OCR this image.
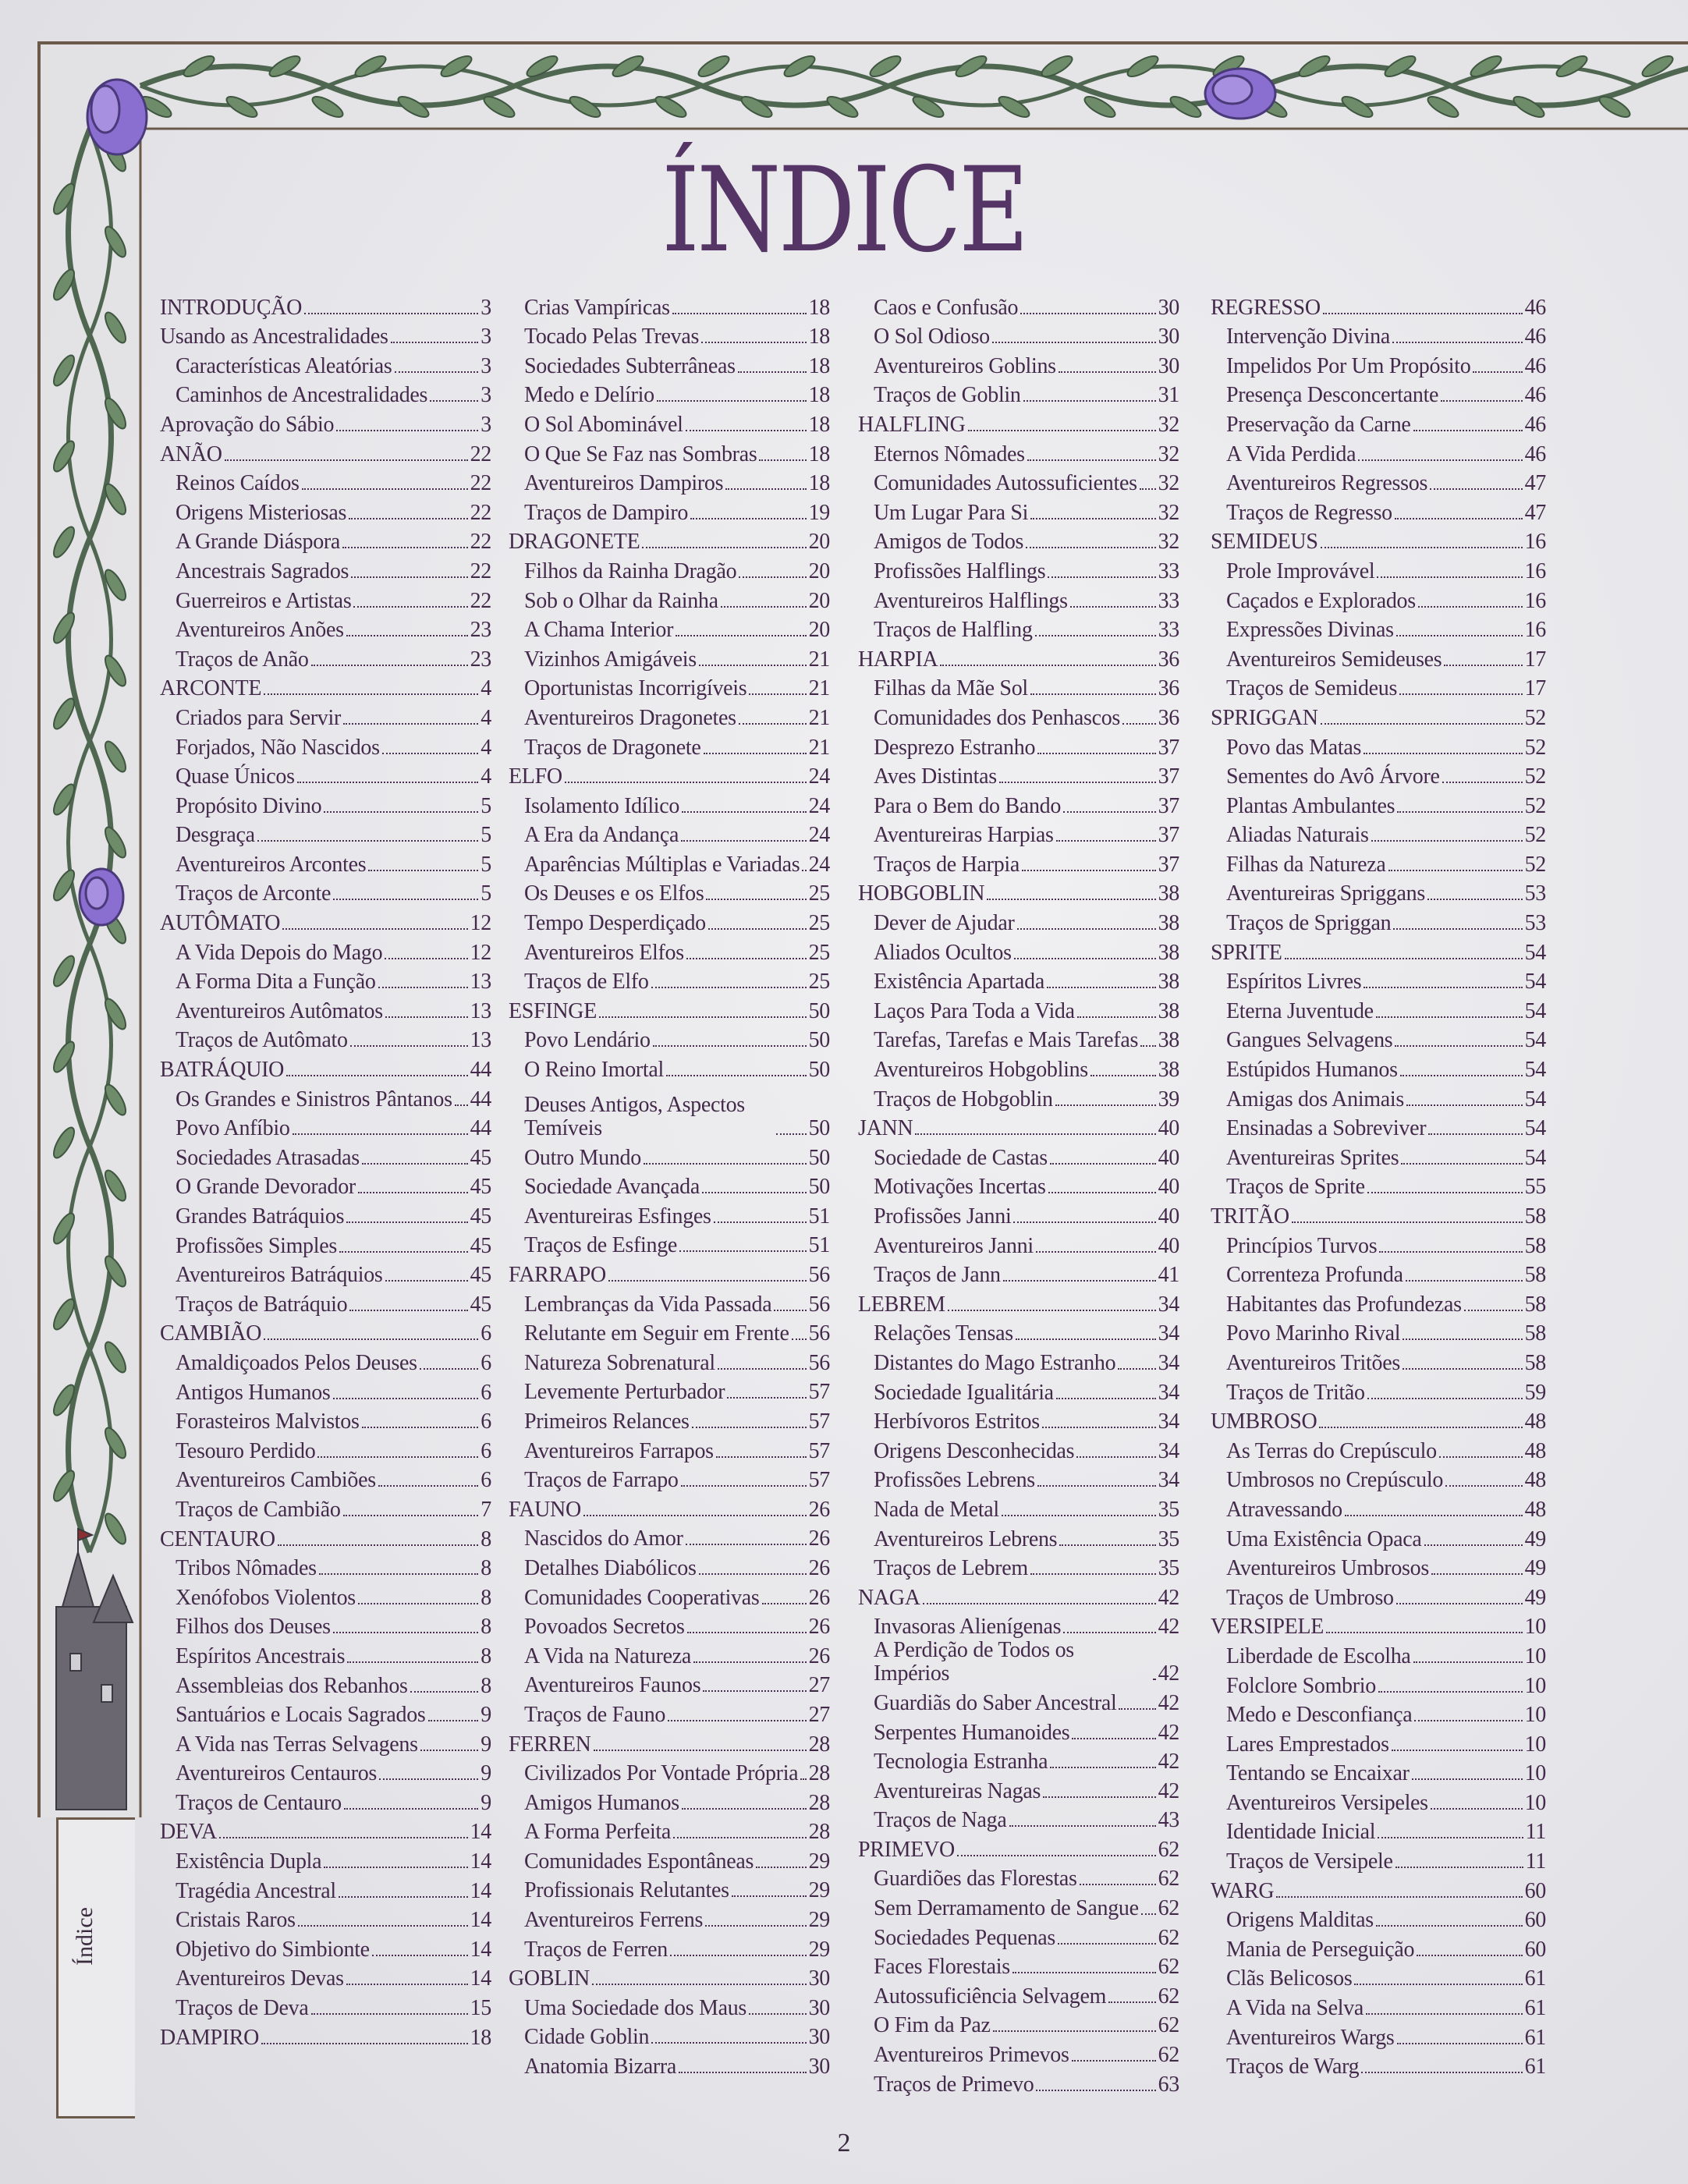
ÍNDICE
INTRODUÇÃO	3
Usando as Ancestralidades	3
Características Aleatórias	3
Caminhos de Ancestralidades 3
Aprovação do Sábio	3
ANÃO	22
Reinos Caídos	22
Origens Misteriosas	22
A Grande Diáspora	22
Ancestrais Sagrados	22
Guerreiros e Artistas	22
Aventureiros Anões	23
Traços de Anão	23
ARCONTE	4
Criados para Servir	4
Forjados, Não Nascidos	4
Quase Únicos	4
Propósito Divino	5
Desgraça	5
Aventureiros Arcontes	5
Traços de Arconte	5
AUTÔMATO	12
A Vida Depois do Mago	12
A Forma Dita a Função	13
Aventureiros Autômatos	13
Traços de Autômato	13
BATRÁQUIO	44
Os Grandes e Sinistros Pântanos 44
Povo Anfíbio	44
Sociedades Atrasadas	45
O Grande Devorador	45
Grandes Batráquios	45
Profissões Simples	45
Aventureiros Batráquios	45
Traços de Batráquio	45
CAMBIÃO	6
Amaldiçoados Pelos Deuses	6
Antigos Humanos	6
Forasteiros Malvistos	6
Tesouro Perdido	6
Aventureiros Cambiões	6
Traços de Cambião	7
CENTAURO	8
Tribos Nômades	8
Xenófobos Violentos	8
Filhos dos Deuses	8
Espíritos Ancestrais	8
Assembleias dos Rebanhos	8
Santuários e Locais Sagrados	9
A Vida nas Terras Selvagens	9
Aventureiros Centauros	9
Traços de Centauro	9
DEVA	14
Existência Dupla	14
Tragédia Ancestral	14
Cristais Raros	14
Objetivo do Simbionte	14
Aventureiros Devas	14
Traços de Deva	15
DAMPIRO	18
Crias Vampíricas	18
Tocado Pelas Trevas	18
Sociedades Subterrâneas	18
Medo e Delírio	18
O Sol Abominável	18
O Que Se Faz nas Sombras 18
Aventureiros Dampiros	18
Traços de Dampiro	19
DRAGONETE	20
Filhos da Rainha Dragão	20
Sob o Olhar da Rainha	20
A Chama Interior	20
Vizinhos Amigáveis	21
Oportunistas Incorrigíveis	21
Aventureiros Dragonetes	21
Traços de Dragonete	21
ELFO	24
Isolamento Idílico	24
A Era da Andança	24
Aparências Múltiplas e Variadas 24
Os Deuses e os Elfos	25
Tempo Desperdiçado	25
Aventureiros Elfos	25
Traços de Elfo	25
ESFINGE	50
Povo Lendário	50
O Reino Imortal	50
Deuses Antigos, Aspectos Temíveis	50
Outro Mundo	50
Sociedade Avançada	50
Aventureiras Esfinges	51
Traços de Esfinge	51
FARRAPO	56
Lembranças da Vida Passada 56
Relutante em Seguir em Frente 56
Natureza Sobrenatural	56
Levemente Perturbador	57
Primeiros Relances	57
Aventureiros Farrapos	57
Traços de Farrapo	57
FAUNO	26
Nascidos do Amor	26
Detalhes Diabólicos	26
Comunidades Cooperativas 26
Povoados Secretos	26
A Vida na Natureza	26
Aventureiros Faunos	27
Traços de Fauno	27
FERREN	28
Civilizados Por Vontade Própria 28
Amigos Humanos	28
A Forma Perfeita	28
Comunidades Espontâneas	29
Profissionais Relutantes	29
Aventureiros Ferrens	29
Traços de Ferren	29
GOBLIN	30
Uma Sociedade dos Maus	30
Cidade Goblin	30
Anatomia Bizarra	30
Caos e Confusão	30
O Sol Odioso	30
Aventureiros Goblins	30
Traços de Goblin	31
HALFLING	32
Eternos Nômades	32
Comunidades Autossuficientes 32
Um Lugar Para Si	32
Amigos de Todos	32
Profissões Halflings	33
Aventureiros Halflings	33
Traços de Halfling	33
HARPIA	36
Filhas da Mãe Sol	36
Comunidades dos Penhascos 36
Desprezo Estranho	37
Aves Distintas	37
Para o Bem do Bando	37
Aventureiras Harpias	37
Traços de Harpia	37
HOBGOBLIN	38
Dever de Ajudar	38
Aliados Ocultos	38
Existência Apartada	38
Laços Para Toda a Vida	38
Tarefas, Tarefas e Mais Tarefas 38
Aventureiros Hobgoblins	38
Traços de Hobgoblin	39
JANN	40
Sociedade de Castas	40
Motivações Incertas	40
Profissões Janni	40
Aventureiros Janni	40
Traços de Jann	41
LEBREM	34
Relações Tensas	34
Distantes do Mago Estranho 34
Sociedade Igualitária	34
Herbívoros Estritos	34
Origens Desconhecidas	34
Profissões Lebrens	34
Nada de Metal	35
Aventureiros Lebrens	35
Traços de Lebrem	35
NAGA	42
Invasoras Alienígenas	42
A Perdição de Todos os Impérios	42
Guardiãs do Saber Ancestral 42
Serpentes Humanoides	42
Tecnologia Estranha	42
Aventureiras Nagas	42
Traços de Naga	43
PRIMEVO	62
Guardiões das Florestas	62
Sem Derramamento de Sangue 62
Sociedades Pequenas	62
Faces Florestais	62
Autossuficiência Selvagem 62
O Fim da Paz	62
Aventureiros Primevos	62
Traços de Primevo	63
REGRESSO	46
Intervenção Divina	46
Impelidos Por Um Propósito 46
Presença Desconcertante	46
Preservação da Carne	46
A Vida Perdida	46
Aventureiros Regressos	47
Traços de Regresso	47
SEMIDEUS	16
Prole Improvável	16
Caçados e Explorados	16
Expressões Divinas	16
Aventureiros Semideuses	17
Traços de Semideus	17
SPRIGGAN	52
Povo das Matas	52
Sementes do Avô Árvore	52
Plantas Ambulantes	52
Aliadas Naturais	52
Filhas da Natureza	52
Aventureiras Spriggans	53
Traços de Spriggan	53
SPRITE	54
Espíritos Livres	54
Eterna Juventude	54
Gangues Selvagens	54
Estúpidos Humanos	54
Amigas dos Animais	54
Ensinadas a Sobreviver	54
Aventureiras Sprites	54
Traços de Sprite	55
TRITÃO	58
Princípios Turvos	58
Correnteza Profunda	58
Habitantes das Profundezas	58
Povo Marinho Rival	58
Aventureiros Tritões	58
Traços de Tritão	59
UMBROSO	48
As Terras do Crepúsculo	48
Umbrosos no Crepúsculo	48
Atravessando	48
Uma Existência Opaca	49
Aventureiros Umbrosos	49
Traços de Umbroso	49
VERSIPELE	10
Liberdade de Escolha	10
Folclore Sombrio	10
Medo e Desconfiança	10
Lares Emprestados	10
Tentando se Encaixar	10
Aventureiros Versipeles	10
Identidade Inicial	11
Traços de Versipele	11
WARG	60
Origens Malditas	60
Mania de Perseguição	60
Clãs Belicosos	61
A Vida na Selva	61
Aventureiros Wargs	61
Traços de Warg	61
Índice
2
